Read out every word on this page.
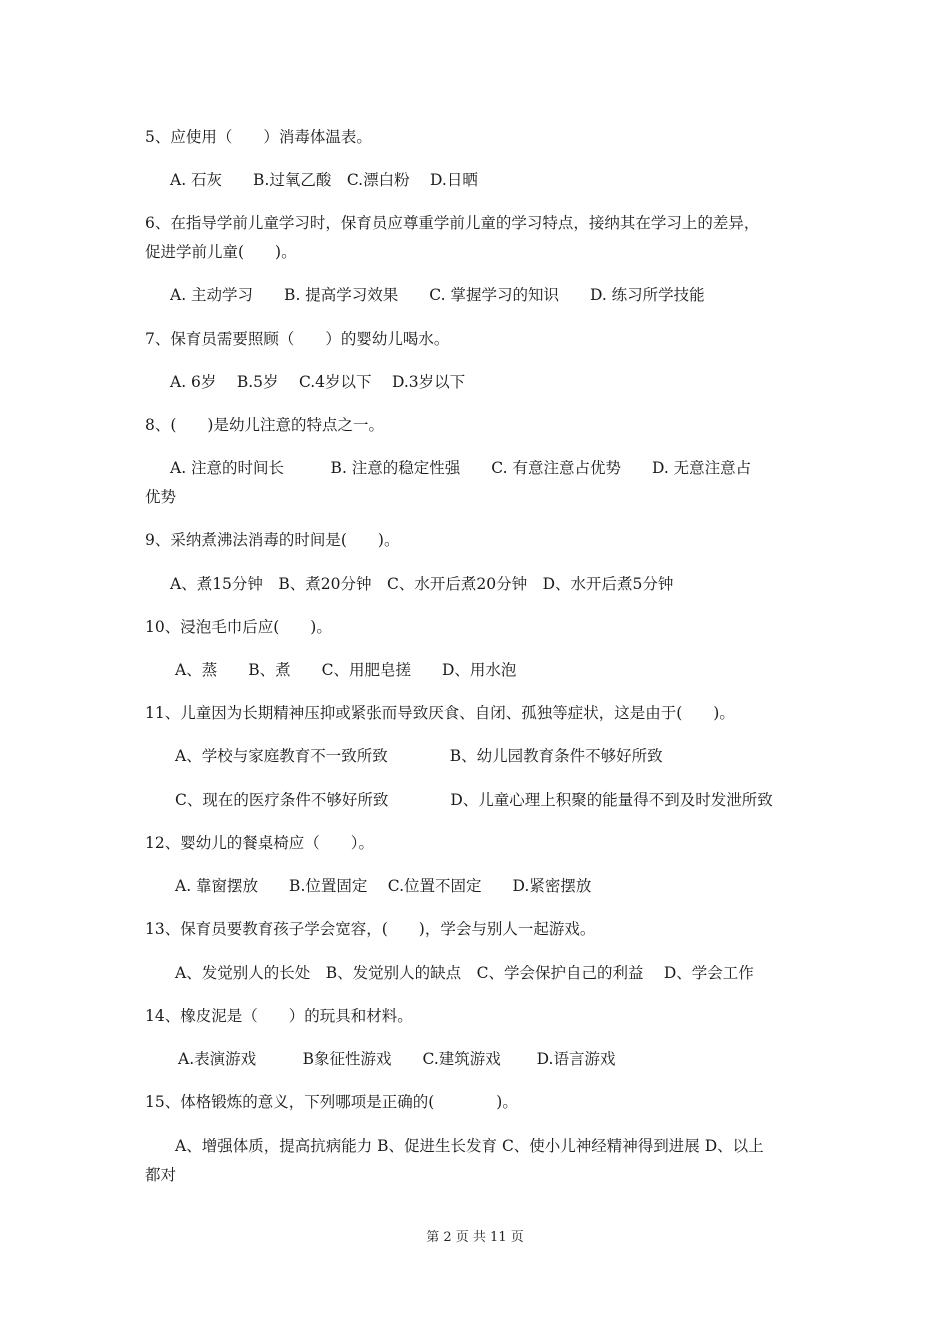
5、应使用（　　）消毒体温表。
A. 石灰　　B.过氧乙酸　C.漂白粉　 D.日晒
6、在指导学前儿童学习时，保育员应尊重学前儿童的学习特点，接纳其在学习上的差异，
促进学前儿童(　　)。
A. 主动学习　　B. 提高学习效果　　C. 掌握学习的知识　　D. 练习所学技能
7、保育员需要照顾（　　）的婴幼儿喝水。
A. 6岁　 B.5岁　 C.4岁以下　 D.3岁以下
8、(　　)是幼儿注意的特点之一。
A. 注意的时间长　　　B. 注意的稳定性强　　C. 有意注意占优势　　D. 无意注意占
优势
9、采纳煮沸法消毒的时间是(　　)。
A、煮15分钟　B、煮20分钟　C、水开后煮20分钟　D、水开后煮5分钟
10、浸泡毛巾后应(　　)。
A、蒸　　B、煮　　C、用肥皂搓　　D、用水泡
11、儿童因为长期精神压抑或紧张而导致厌食、自闭、孤独等症状，这是由于(　　)。
A、学校与家庭教育不一致所致　　　　B、幼儿园教育条件不够好所致
C、现在的医疗条件不够好所致　　　　D、儿童心理上积聚的能量得不到及时发泄所致
12、婴幼儿的餐桌椅应（　　）。
A. 靠窗摆放　　B.位置固定　 C.位置不固定　　D.紧密摆放
13、保育员要教育孩子学会宽容，(　　)，学会与别人一起游戏。
A、发觉别人的长处　B、发觉别人的缺点　C、学会保护自己的利益　 D、学会工作
14、橡皮泥是（　　）的玩具和材料。
A.表演游戏　　　B象征性游戏　　C.建筑游戏　　 D.语言游戏
15、体格锻炼的意义，下列哪项是正确的(　　　　)。
A、增强体质，提高抗病能力 B、促进生长发育 C、使小儿神经精神得到进展 D、以上
都对
第 2 页 共 11 页
